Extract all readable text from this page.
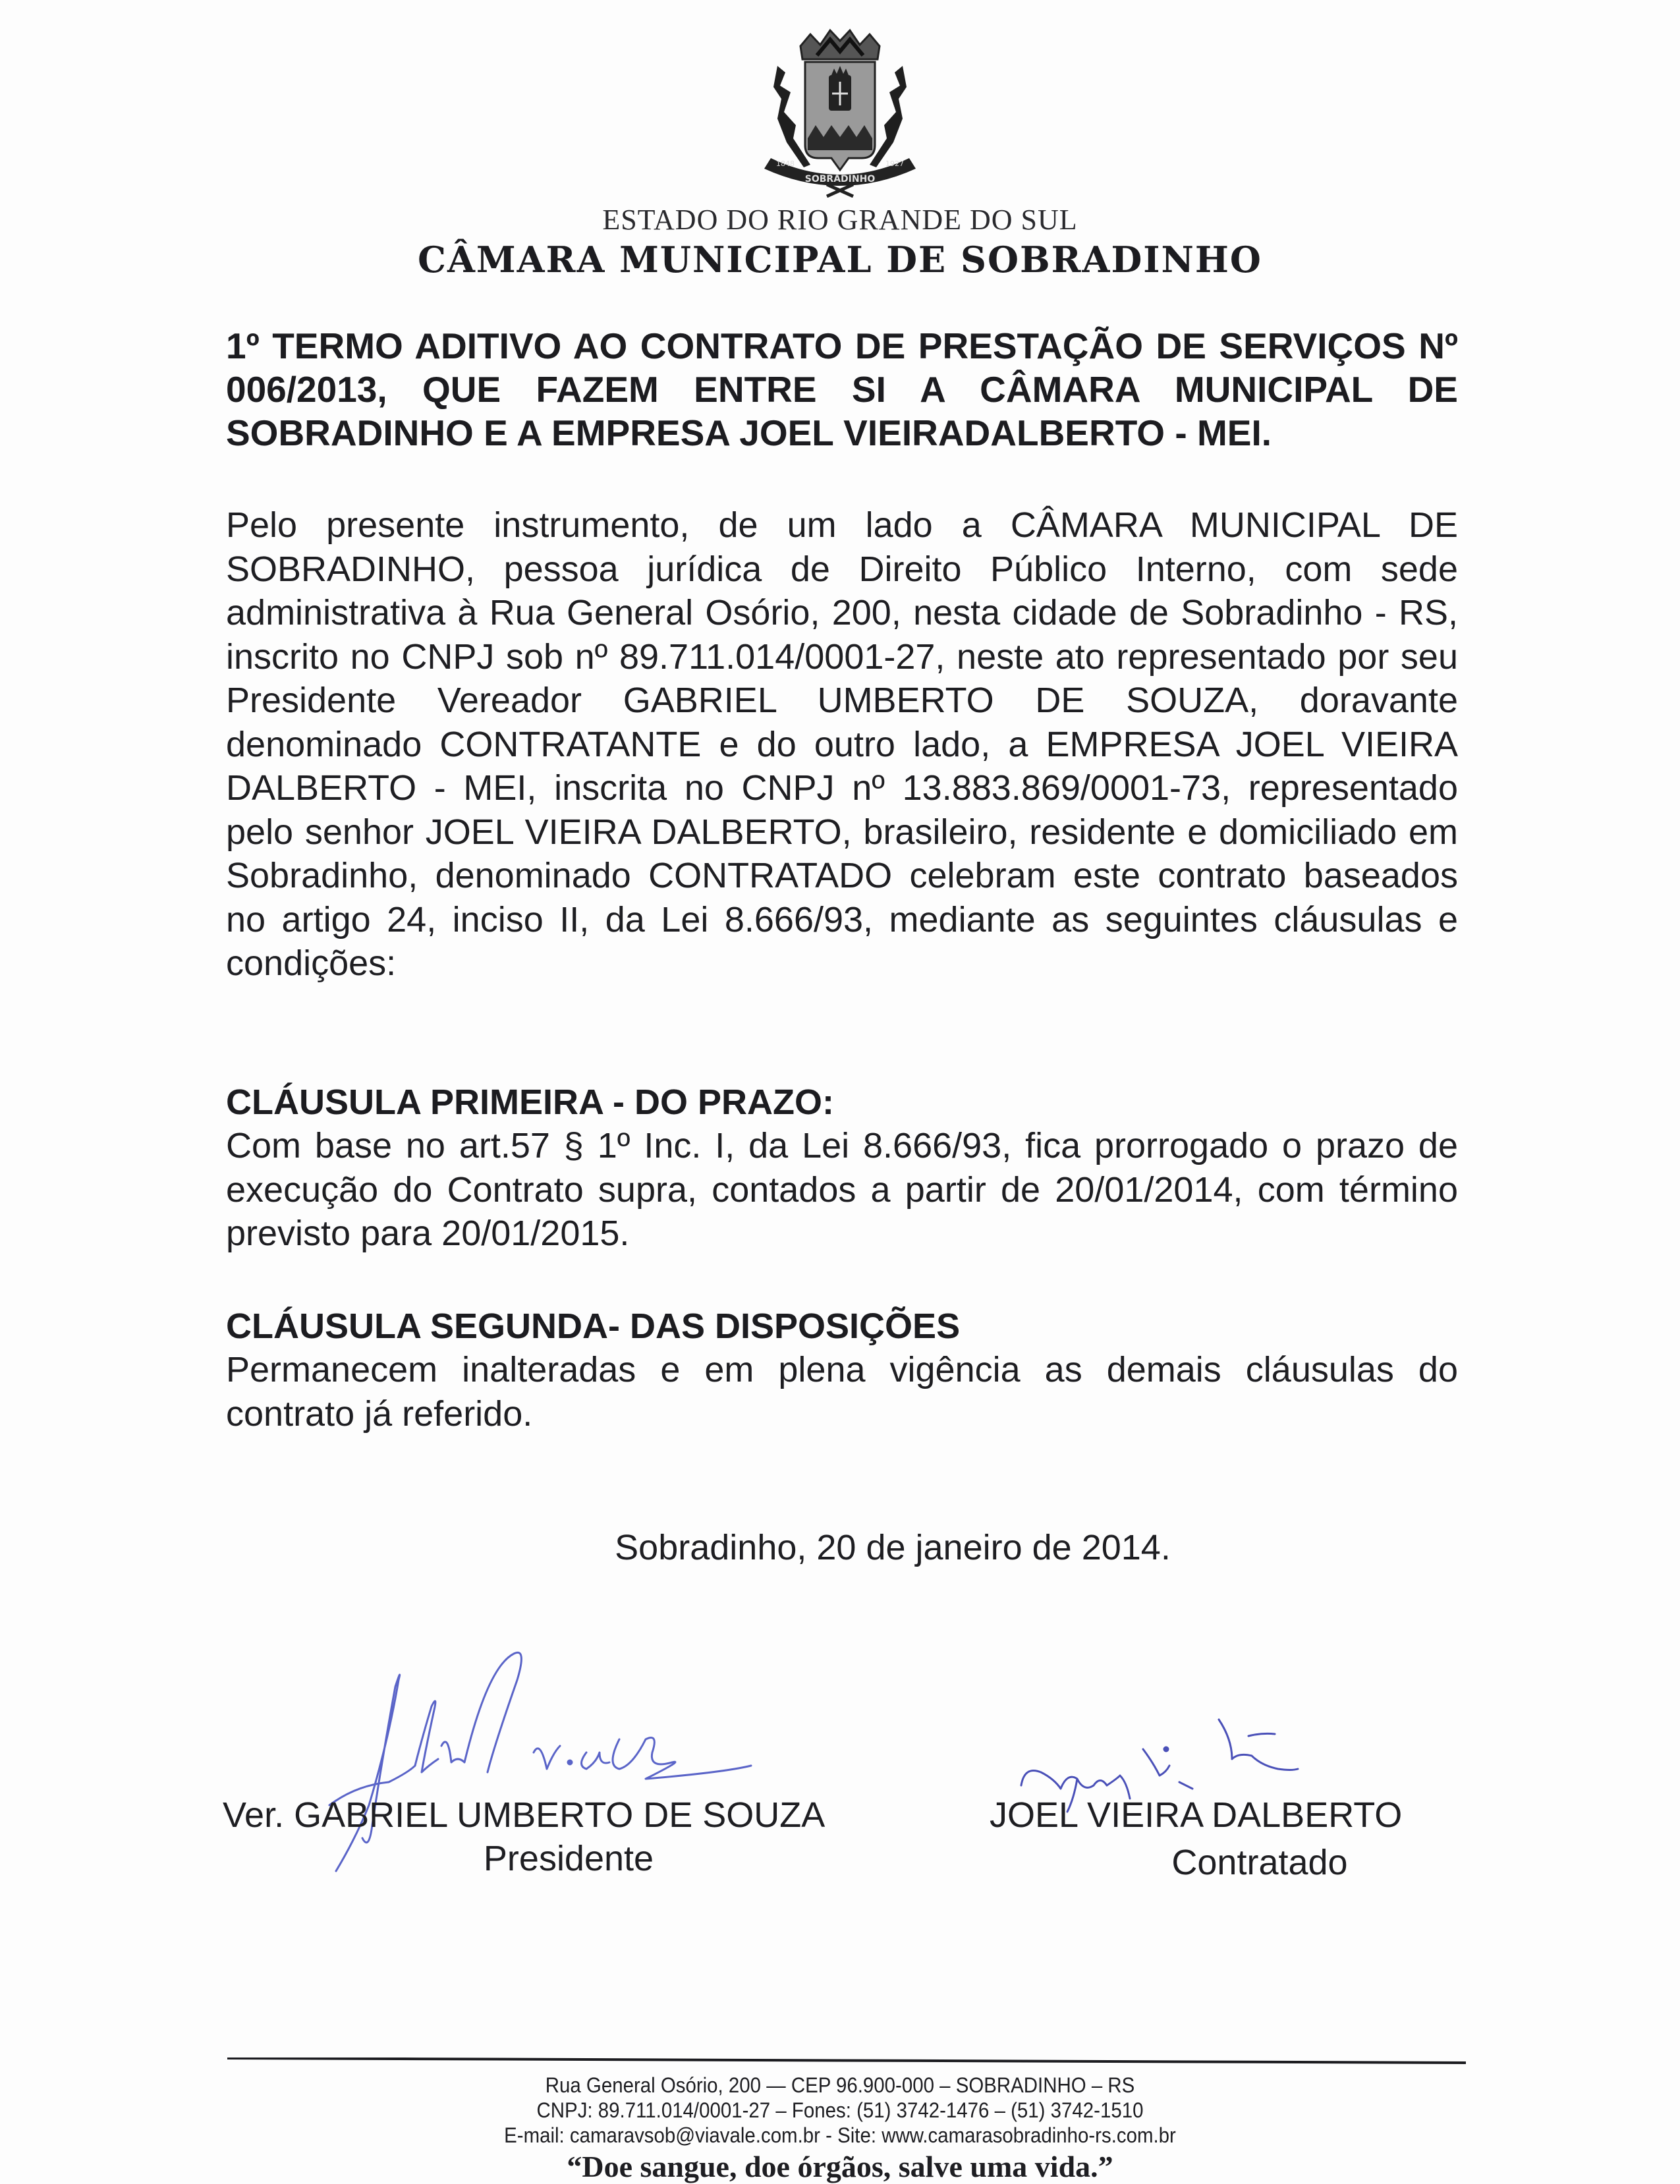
SOBRADINHO
1848	1927
ESTADO DO RIO GRANDE DO SUL
CÂMARA MUNICIPAL DE SOBRADINHO
1º TERMO ADITIVO AO CONTRATO DE PRESTAÇÃO DE SERVIÇOS Nº 006/2013, QUE FAZEM ENTRE SI A CÂMARA MUNICIPAL DE SOBRADINHO E A EMPRESA JOEL VIEIRADALBERTO - MEI.
Pelo presente instrumento, de um lado a CÂMARA MUNICIPAL DE SOBRADINHO, pessoa jurídica de Direito Público Interno, com sede administrativa à Rua General Osório, 200, nesta cidade de Sobradinho - RS, inscrito no CNPJ sob nº 89.711.014/0001-27, neste ato representado por seu Presidente Vereador GABRIEL UMBERTO DE SOUZA, doravante denominado CONTRATANTE e do outro lado, a EMPRESA JOEL VIEIRA DALBERTO - MEI, inscrita no CNPJ nº 13.883.869/0001-73, representado pelo senhor JOEL VIEIRA DALBERTO, brasileiro, residente e domiciliado em Sobradinho, denominado CONTRATADO celebram este contrato baseados no artigo 24, inciso II, da Lei 8.666/93, mediante as seguintes cláusulas e condições:
CLÁUSULA PRIMEIRA - DO PRAZO:
Com base no art.57 § 1º Inc. I, da Lei 8.666/93, fica prorrogado o prazo de execução do Contrato supra, contados a partir de 20/01/2014, com término previsto para 20/01/2015.
CLÁUSULA SEGUNDA- DAS DISPOSIÇÕES
Permanecem inalteradas e em plena vigência as demais cláusulas do contrato já referido.
Sobradinho, 20 de janeiro de 2014.
Ver. GABRIEL UMBERTO DE SOUZA
Presidente
JOEL VIEIRA DALBERTO
Contratado
Rua General Osório, 200 — CEP 96.900-000 – SOBRADINHO – RS
CNPJ: 89.711.014/0001-27 – Fones: (51) 3742-1476 – (51) 3742-1510
E-mail: camaravsob@viavale.com.br - Site: www.camarasobradinho-rs.com.br
“Doe sangue, doe órgãos, salve uma vida.”
